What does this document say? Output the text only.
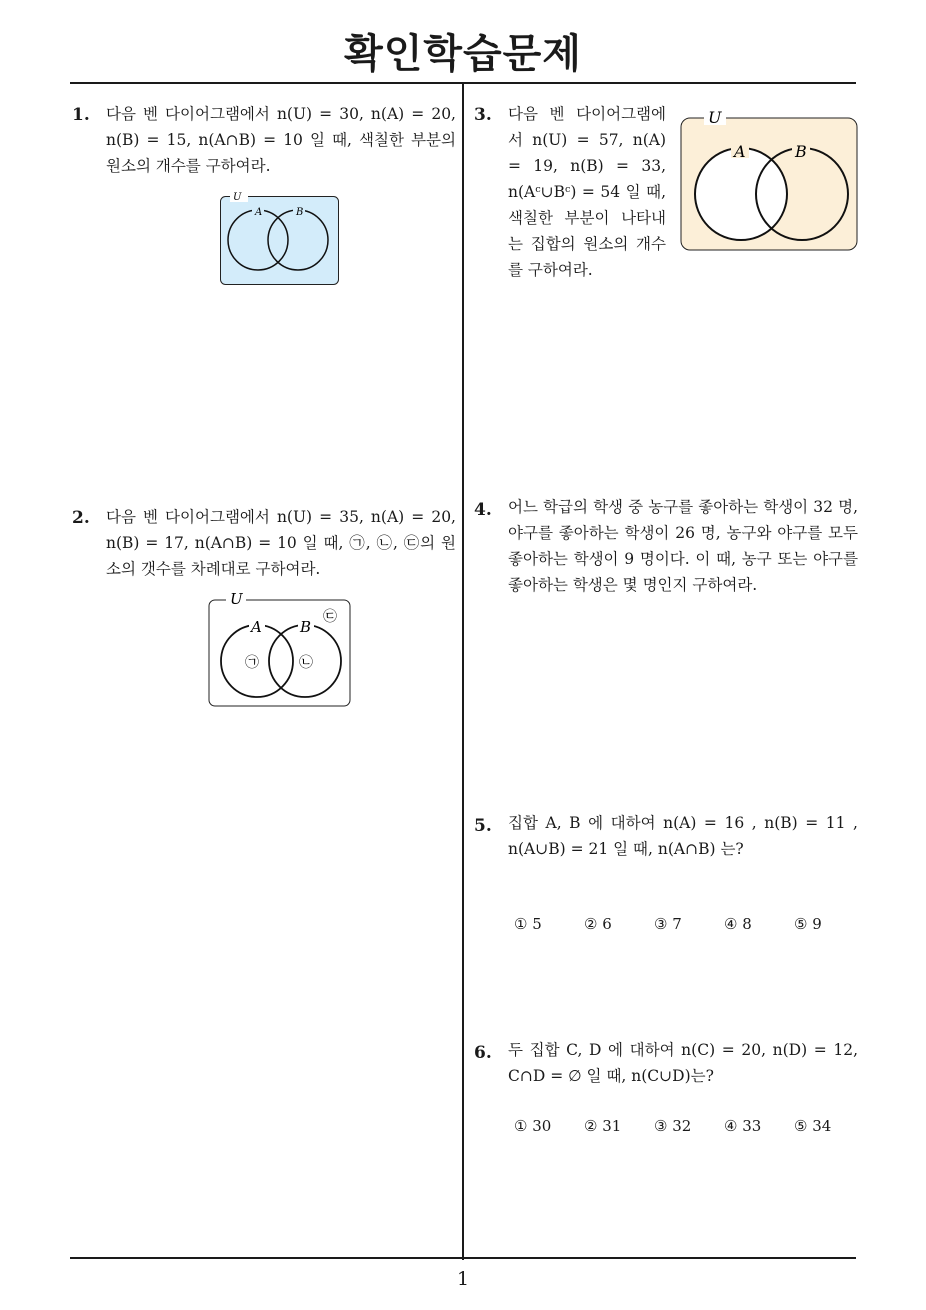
확인학습문제
1
1. 다음 벤 다이어그램에서 n(U) = 30, n(A) = 20, n(B) = 15, n(A∩B) = 10 일 때, 색칠한 부분의 원소의 개수를 구하여라.
U
A	B
2. 다음 벤 다이어그램에서 n(U) = 35, n(A) = 20, n(B) = 17, n(A∩B) = 10 일 때, ㉠, ㉡, ㉢의 원소의 갯수를 차례대로 구하여라.
U
A	B
㉠	㉡
㉢
3. 다음 벤 다이어그램에서 n(U) = 57, n(A) = 19, n(B) = 33, n(Aᶜ∪Bᶜ) = 54 일 때, 색칠한 부분이 나타내는 집합의 원소의 개수를 구하여라.
U
A	B
4. 어느 학급의 학생 중 농구를 좋아하는 학생이 32 명, 야구를 좋아하는 학생이 26 명, 농구와 야구를 모두 좋아하는 학생이 9 명이다. 이 때, 농구 또는 야구를 좋아하는 학생은 몇 명인지 구하여라.
5. 집합 A, B 에 대하여 n(A) = 16 , n(B) = 11 , n(A∪B) = 21 일 때, n(A∩B) 는?
① 5	② 6	③ 7	④ 8	⑤ 9
6. 두 집합 C, D 에 대하여 n(C) = 20, n(D) = 12, C∩D = ∅ 일 때, n(C∪D)는?
① 30 ② 31 ③ 32 ④ 33 ⑤ 34
